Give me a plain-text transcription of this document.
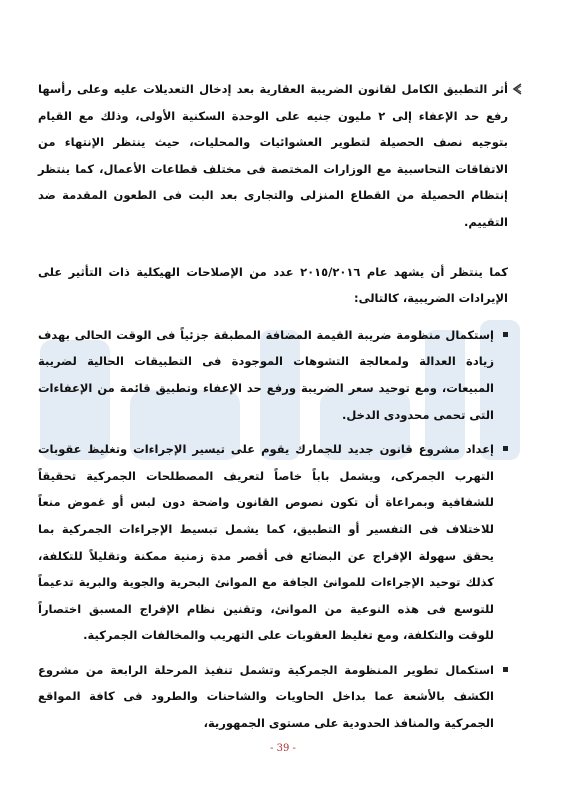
أثر التطبيق الكامل لقانون الضريبة العقارية بعد إدخال التعديلات عليه وعلى رأسها رفع حد الإعفاء إلى ٢ مليون جنيه على الوحدة السكنية الأولى، وذلك مع القيام بتوجيه نصف الحصيلة لتطوير العشوائيات والمحليات، حيث ينتظر الإنتهاء من الاتفاقات التحاسبية مع الوزارات المختصة فى مختلف قطاعات الأعمال، كما ينتظر إنتظام الحصيلة من القطاع المنزلى والتجارى بعد البت فى الطعون المقدمة ضد التقييم.

كما ينتظر أن يشهد عام ٢٠١٥/٢٠١٦ عدد من الإصلاحات الهيكلية ذات التأثير على الإيرادات الضريبية، كالتالى:

إستكمال منظومة ضريبة القيمة المضافة المطبقة جزئياً فى الوقت الحالى بهدف زيادة العدالة ولمعالجة التشوهات الموجودة فى التطبيقات الحالية لضريبة المبيعات، ومع توحيد سعر الضريبة ورفع حد الإعفاء وتطبيق قائمة من الإعفاءات التى تحمى محدودى الدخل.
إعداد مشروع قانون جديد للجمارك يقوم على تيسير الإجراءات وتغليظ عقوبات التهرب الجمركى، ويشمل باباً خاصاً لتعريف المصطلحات الجمركية تحقيقاً للشفافية وبمراعاة أن تكون نصوص القانون واضحة دون لبس أو غموض منعاً للاختلاف فى التفسير أو التطبيق، كما يشمل تبسيط الإجراءات الجمركية بما يحقق سهولة الإفراج عن البضائع فى أقصر مدة زمنية ممكنة وتقليلاً للتكلفة، كذلك توحيد الإجراءات للموانئ الجافة مع الموانئ البحرية والجوية والبرية تدعيماً للتوسع فى هذه النوعية من الموانئ، وتقنين نظام الإفراج المسبق اختصاراً للوقت والتكلفة، ومع تغليظ العقوبات على التهريب والمخالفات الجمركية.
استكمال تطوير المنظومة الجمركية وتشمل تنفيذ المرحلة الرابعة من مشروع الكشف بالأشعة عما بداخل الحاويات والشاحنات والطرود فى كافة المواقع الجمركية والمنافذ الحدودية على مستوى الجمهورية،
- 39 -
